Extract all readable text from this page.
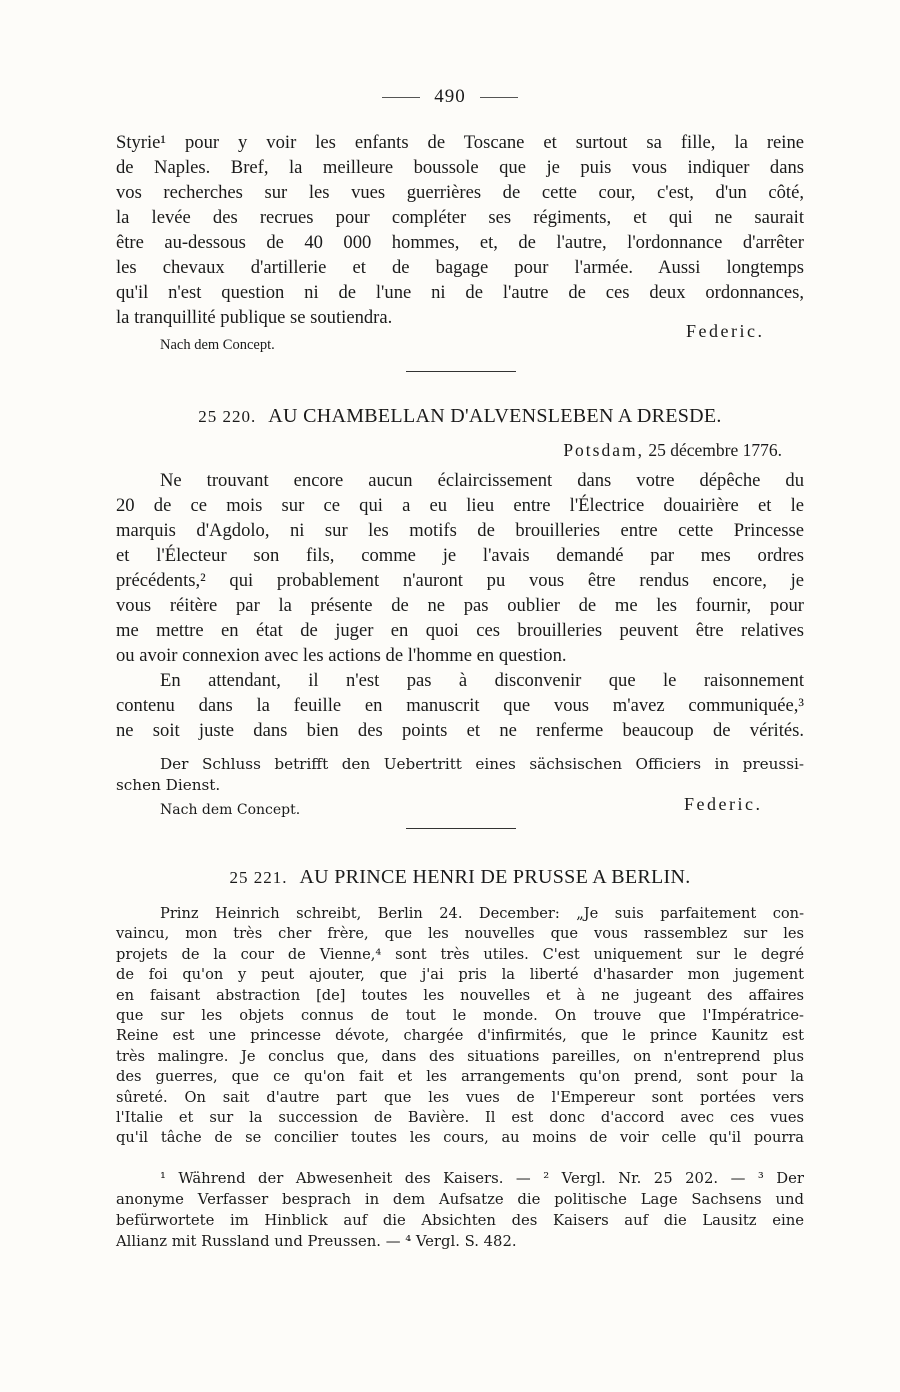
490
Styrie¹ pour y voir les enfants de Toscane et surtout sa fille, la reine
de Naples. Bref, la meilleure boussole que je puis vous indiquer dans
vos recherches sur les vues guerrières de cette cour, c'est, d'un côté,
la levée des recrues pour compléter ses régiments, et qui ne saurait
être au-dessous de 40 000 hommes, et, de l'autre, l'ordonnance d'arrêter
les chevaux d'artillerie et de bagage pour l'armée. Aussi longtemps
qu'il n'est question ni de l'une ni de l'autre de ces deux ordonnances,
la tranquillité publique se soutiendra.
Nach dem Concept.
Federic.
25 220. AU CHAMBELLAN D'ALVENSLEBEN A DRESDE.
Potsdam, 25 décembre 1776.
Ne trouvant encore aucun éclaircissement dans votre dépêche du
20 de ce mois sur ce qui a eu lieu entre l'Électrice douairière et le
marquis d'Agdolo, ni sur les motifs de brouilleries entre cette Princesse
et l'Électeur son fils, comme je l'avais demandé par mes ordres
précédents,² qui probablement n'auront pu vous être rendus encore, je
vous réitère par la présente de ne pas oublier de me les fournir, pour
me mettre en état de juger en quoi ces brouilleries peuvent être relatives
ou avoir connexion avec les actions de l'homme en question.
En attendant, il n'est pas à disconvenir que le raisonnement
contenu dans la feuille en manuscrit que vous m'avez communiquée,³
ne soit juste dans bien des points et ne renferme beaucoup de vérités.
Der Schluss betrifft den Uebertritt eines sächsischen Officiers in preussi-
schen Dienst.
Nach dem Concept.	Federic.
25 221. AU PRINCE HENRI DE PRUSSE A BERLIN.
Prinz Heinrich schreibt, Berlin 24. December: „Je suis parfaitement con-
vaincu, mon très cher frère, que les nouvelles que vous rassemblez sur les
projets de la cour de Vienne,⁴ sont très utiles. C'est uniquement sur le degré
de foi qu'on y peut ajouter, que j'ai pris la liberté d'hasarder mon jugement
en faisant abstraction [de] toutes les nouvelles et à ne jugeant des affaires
que sur les objets connus de tout le monde. On trouve que l'Impératrice-
Reine est une princesse dévote, chargée d'infirmités, que le prince Kaunitz est
très malingre. Je conclus que, dans des situations pareilles, on n'entreprend plus
des guerres, que ce qu'on fait et les arrangements qu'on prend, sont pour la
sûreté. On sait d'autre part que les vues de l'Empereur sont portées vers
l'Italie et sur la succession de Bavière. Il est donc d'accord avec ces vues
qu'il tâche de se concilier toutes les cours, au moins de voir celle qu'il pourra
¹ Während der Abwesenheit des Kaisers. — ² Vergl. Nr. 25 202. — ³ Der
anonyme Verfasser besprach in dem Aufsatze die politische Lage Sachsens und
befürwortete im Hinblick auf die Absichten des Kaisers auf die Lausitz eine
Allianz mit Russland und Preussen. — ⁴ Vergl. S. 482.
